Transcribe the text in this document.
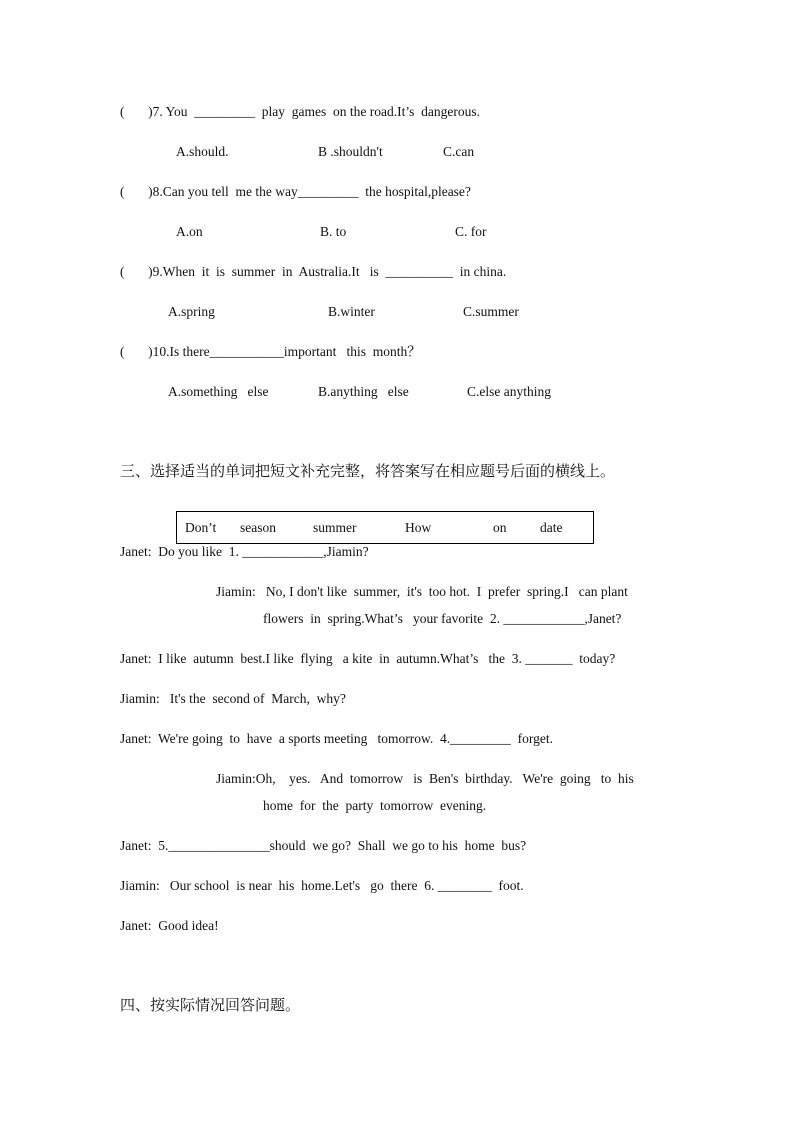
(       )7. You  _________  play  games  on the road.It’s  dangerous.
A.should.	B .shouldn't	C.can
(       )8.Can you tell  me the way_________  the hospital,please?
A.on	B. to	C. for
(       )9.When  it  is  summer  in  Australia.It   is  __________  in china.
A.spring	B.winter	C.summer
(       )10.Is there___________important   this  month？
A.something   else	B.anything   else	C.else anything
三、选择适当的单词把短文补充完整，将答案写在相应题号后面的横线上。
Don’t season	summer	How	on date
Janet:  Do you like  1. ____________,Jiamin?
Jiamin:   No, I don't like  summer,  it's  too hot.  I  prefer  spring.I   can plant
flowers  in  spring.What’s   your favorite  2. ____________,Janet?
Janet:  I like  autumn  best.I like  flying   a kite  in  autumn.What’s   the  3. _______  today?
Jiamin:   It's the  second of  March,  why?
Janet:  We're going  to  have  a sports meeting   tomorrow.  4._________  forget.
Jiamin:Oh,    yes.   And  tomorrow   is  Ben's  birthday.   We're  going   to  his
home  for  the  party  tomorrow  evening.
Janet:  5._______________should  we go?  Shall  we go to his  home  bus?
Jiamin:   Our school  is near  his  home.Let's   go  there  6. ________  foot.
Janet:  Good idea!
四、按实际情况回答问题。
